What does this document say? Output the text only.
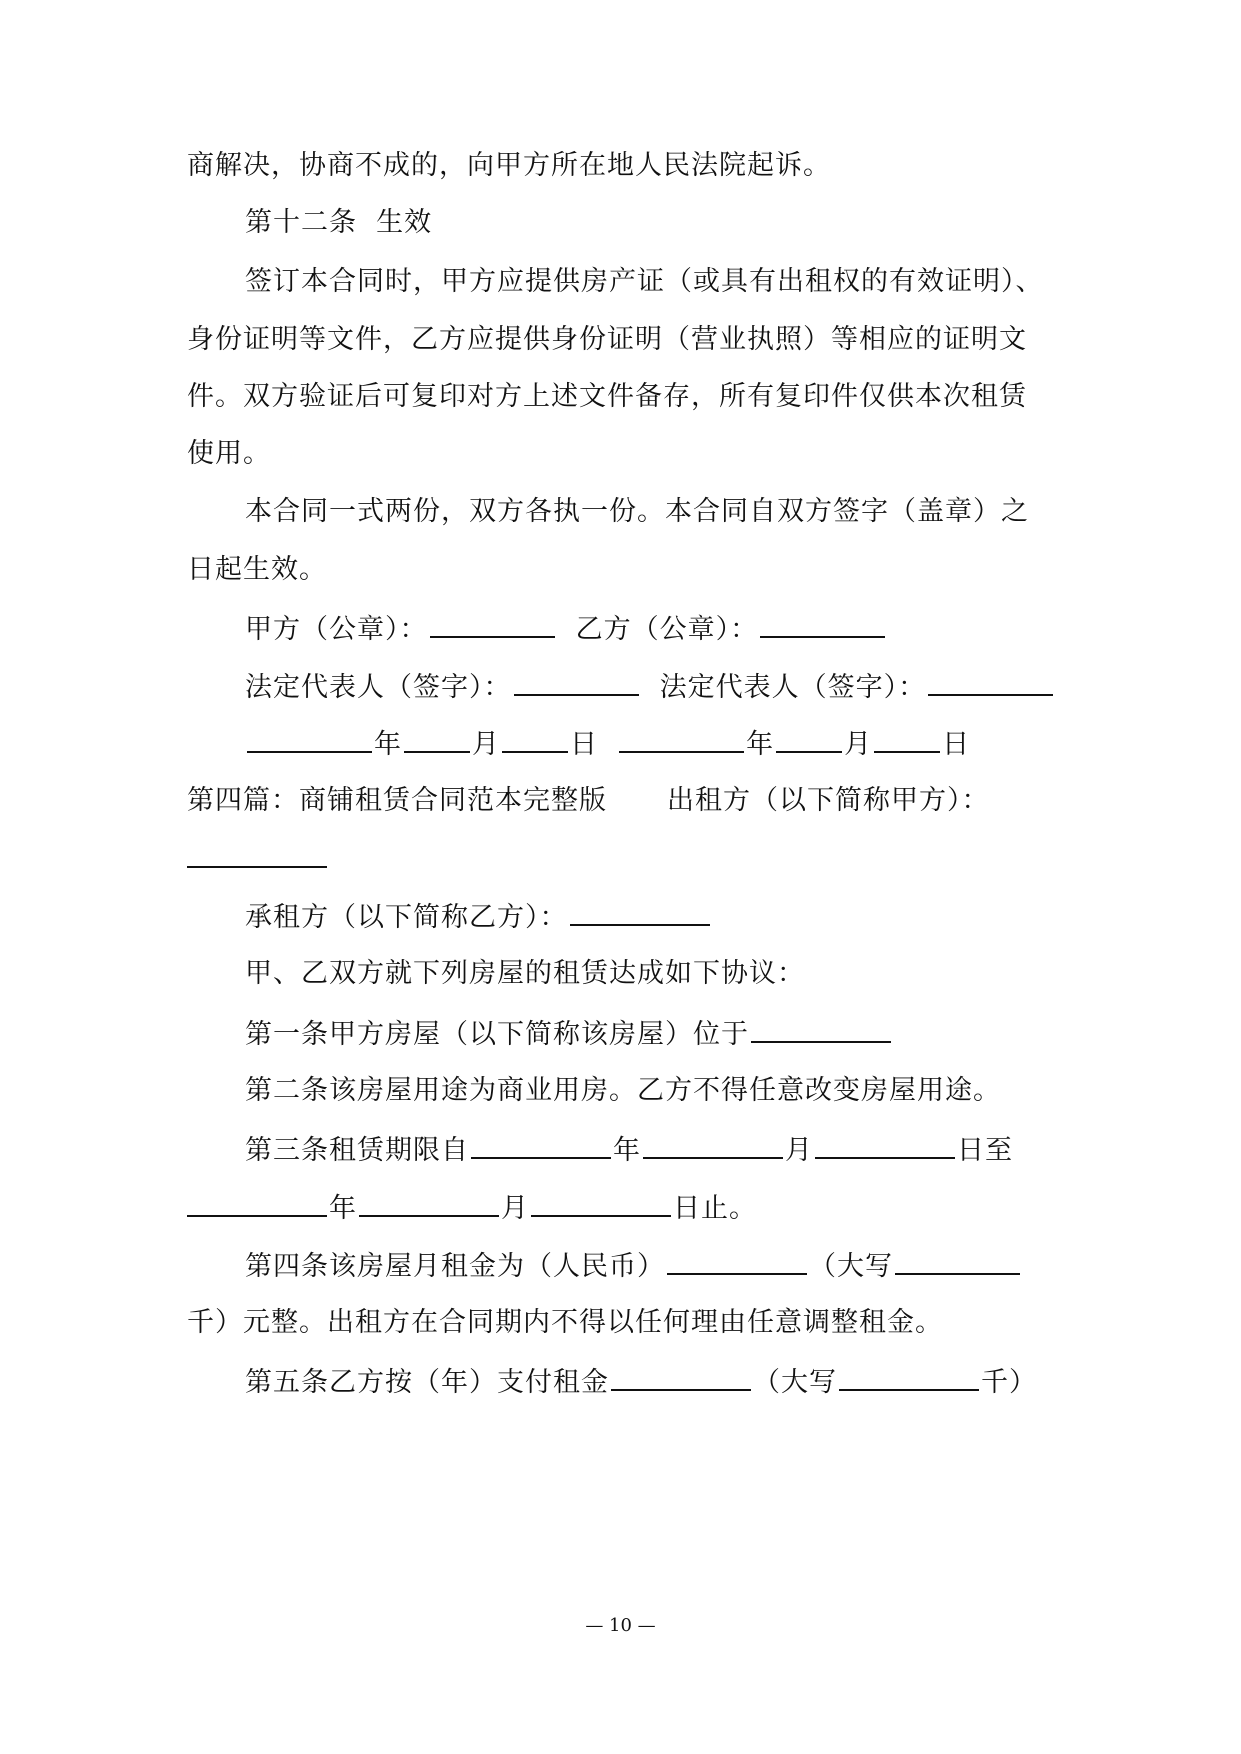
商解决，协商不成的，向甲方所在地人民法院起诉。
第十二条  生效
签订本合同时，甲方应提供房产证（或具有出租权的有效证明）、
身份证明等文件，乙方应提供身份证明（营业执照）等相应的证明文
件。双方验证后可复印对方上述文件备存，所有复印件仅供本次租赁
使用。
本合同一式两份，双方各执一份。本合同自双方签字（盖章）之
日起生效。
甲方（公章）：	乙方（公章）：
法定代表人（签字）：	法定代表人（签字）：
年	月	日	年	月	日
第四篇：商铺租赁合同范本完整版 出租方（以下简称甲方）：
承租方（以下简称乙方）：
甲、乙双方就下列房屋的租赁达成如下协议：
第一条甲方房屋（以下简称该房屋）位于
第二条该房屋用途为商业用房。乙方不得任意改变房屋用途。
第三条租赁期限自	年	月	日至
年	月	日止。
第四条该房屋月租金为（人民币）	（大写
千）元整。出租方在合同期内不得以任何理由任意调整租金。
第五条乙方按（年）支付租金	（大写	千）
— 10 —
